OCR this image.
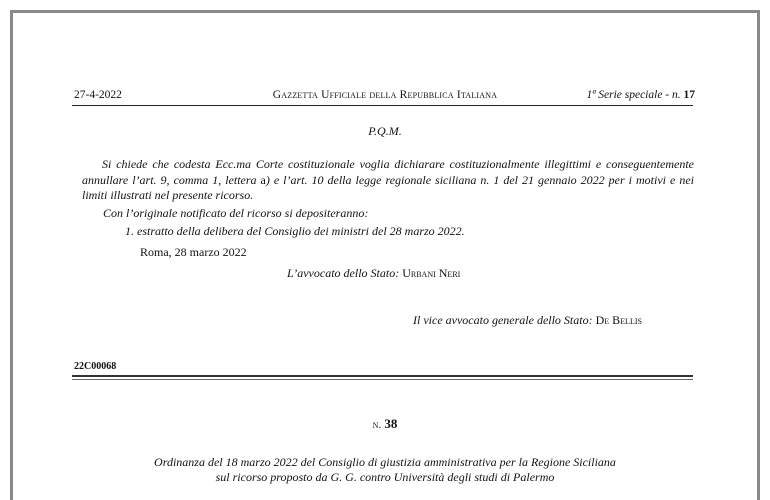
27-4-2022	Gazzetta Ufficiale della Repubblica Italiana	1ª Serie speciale - n. 17
P.Q.M.

Si chiede che codesta Ecc.ma Corte costituzionale voglia dichiarare costituzionalmente illegittimi e conseguentemente annullare l’art. 9, comma 1, lettera a) e l’art. 10 della legge regionale siciliana n. 1 del 21 gennaio 2022 per i motivi e nei limiti illustrati nel presente ricorso.

Con l’originale notificato del ricorso si depositeranno:
1. estratto della delibera del Consiglio dei ministri del 28 marzo 2022.
Roma, 28 marzo 2022
L’avvocato dello Stato: Urbani Neri
Il vice avvocato generale dello Stato: De Bellis
22C00068
n. 38
Ordinanza del 18 marzo 2022 del Consiglio di giustizia amministrativa per la Regione Siciliana
sul ricorso proposto da G. G. contro Università degli studi di Palermo
